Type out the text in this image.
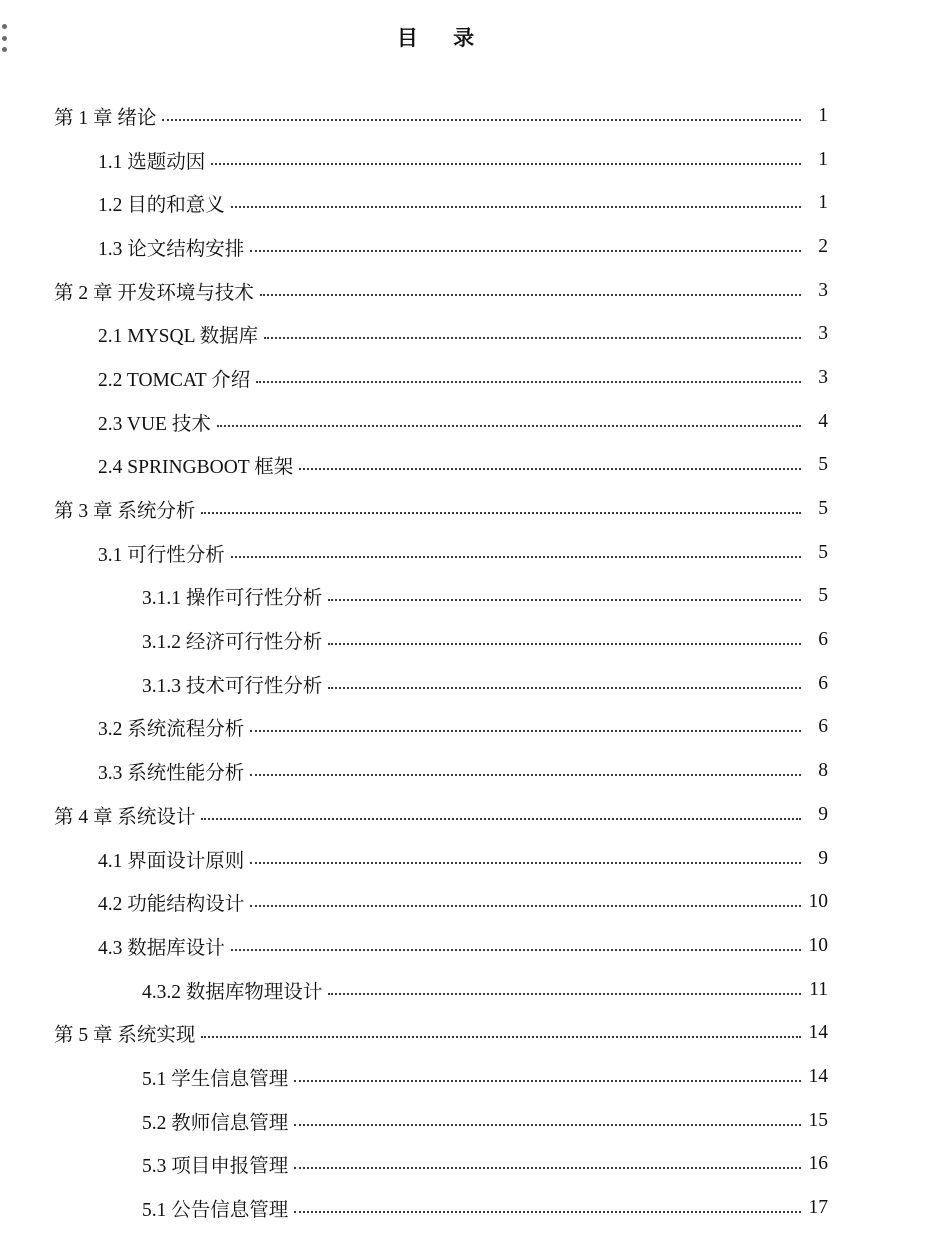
目 录
第 1 章 绪论	1
1.1 选题动因	1
1.2 目的和意义	1
1.3 论文结构安排	2
第 2 章 开发环境与技术	3
2.1 MYSQL 数据库	3
2.2 TOMCAT 介绍	3
2.3 VUE 技术	4
2.4 SPRINGBOOT 框架	5
第 3 章 系统分析	5
3.1 可行性分析	5
3.1.1 操作可行性分析	5
3.1.2 经济可行性分析	6
3.1.3 技术可行性分析	6
3.2 系统流程分析	6
3.3 系统性能分析	8
第 4 章 系统设计	9
4.1 界面设计原则	9
4.2 功能结构设计	10
4.3 数据库设计	10
4.3.2 数据库物理设计	11
第 5 章 系统实现	14
5.1 学生信息管理	14
5.2 教师信息管理	15
5.3 项目申报管理	16
5.1 公告信息管理	17
